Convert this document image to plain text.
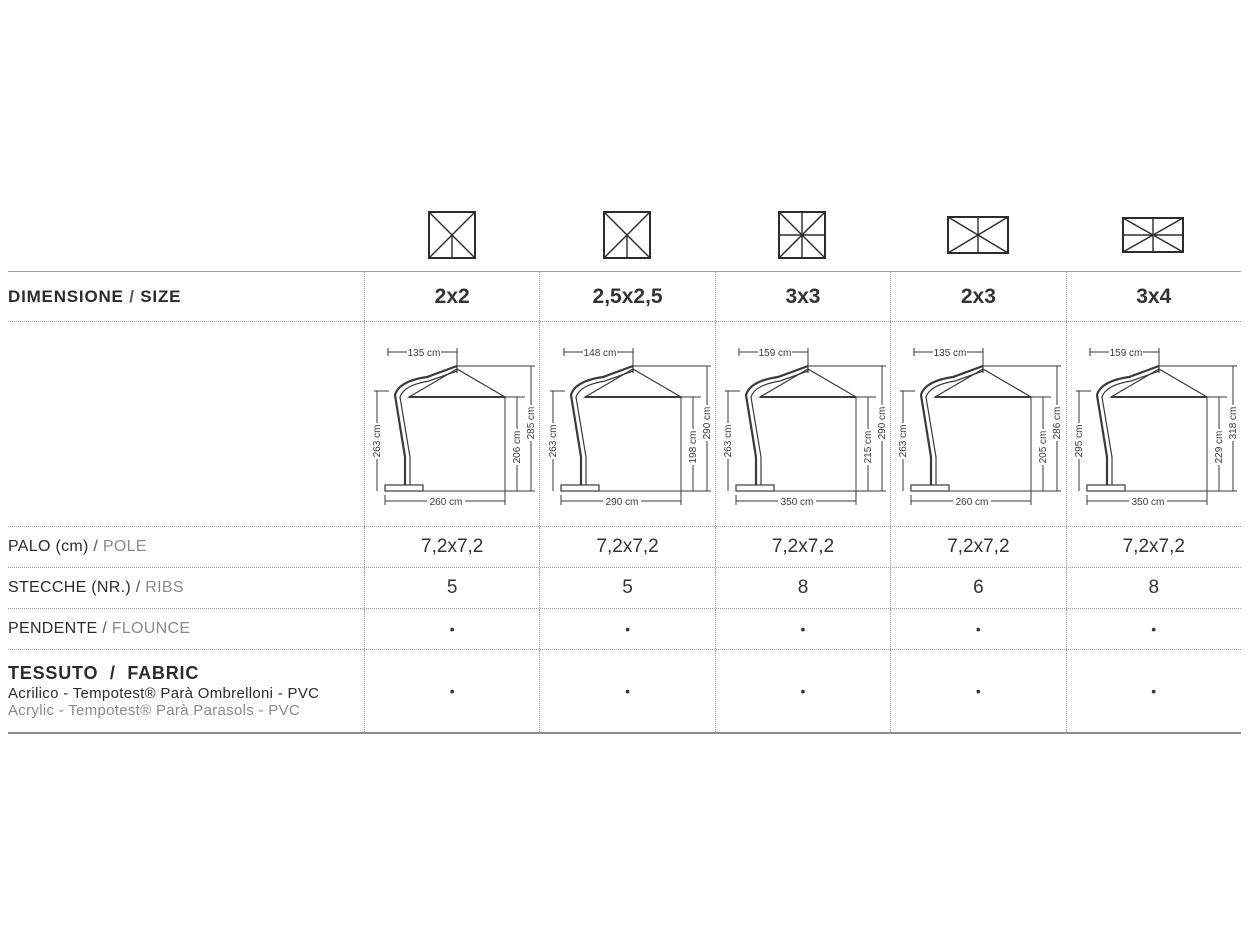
DIMENSIONE
/
SIZE	2x2	2,5x2,5	3x3	2x3	3x4
135 cm
263 cm	206 cm
285 cm
260 cm
148 cm
263 cm	198 cm
290 cm
290 cm
159 cm
263 cm	215 cm
290 cm
350 cm
135 cm
263 cm	205 cm
286 cm
260 cm
159 cm
295 cm	229 cm
318 cm
350 cm
PALO (cm)
/
POLE	7,2x7,2	7,2x7,2	7,2x7,2	7,2x7,2	7,2x7,2
STECCHE (NR.)
/
RIBS	5	5	8	6	8
PENDENTE
/
FLOUNCE	•	•	•	•	•
TESSUTO / FABRIC
Acrilico - Tempotest® Parà Ombrelloni - PVC
Acrylic - Tempotest® Parà Parasols - PVC
•	•	•	•	•
